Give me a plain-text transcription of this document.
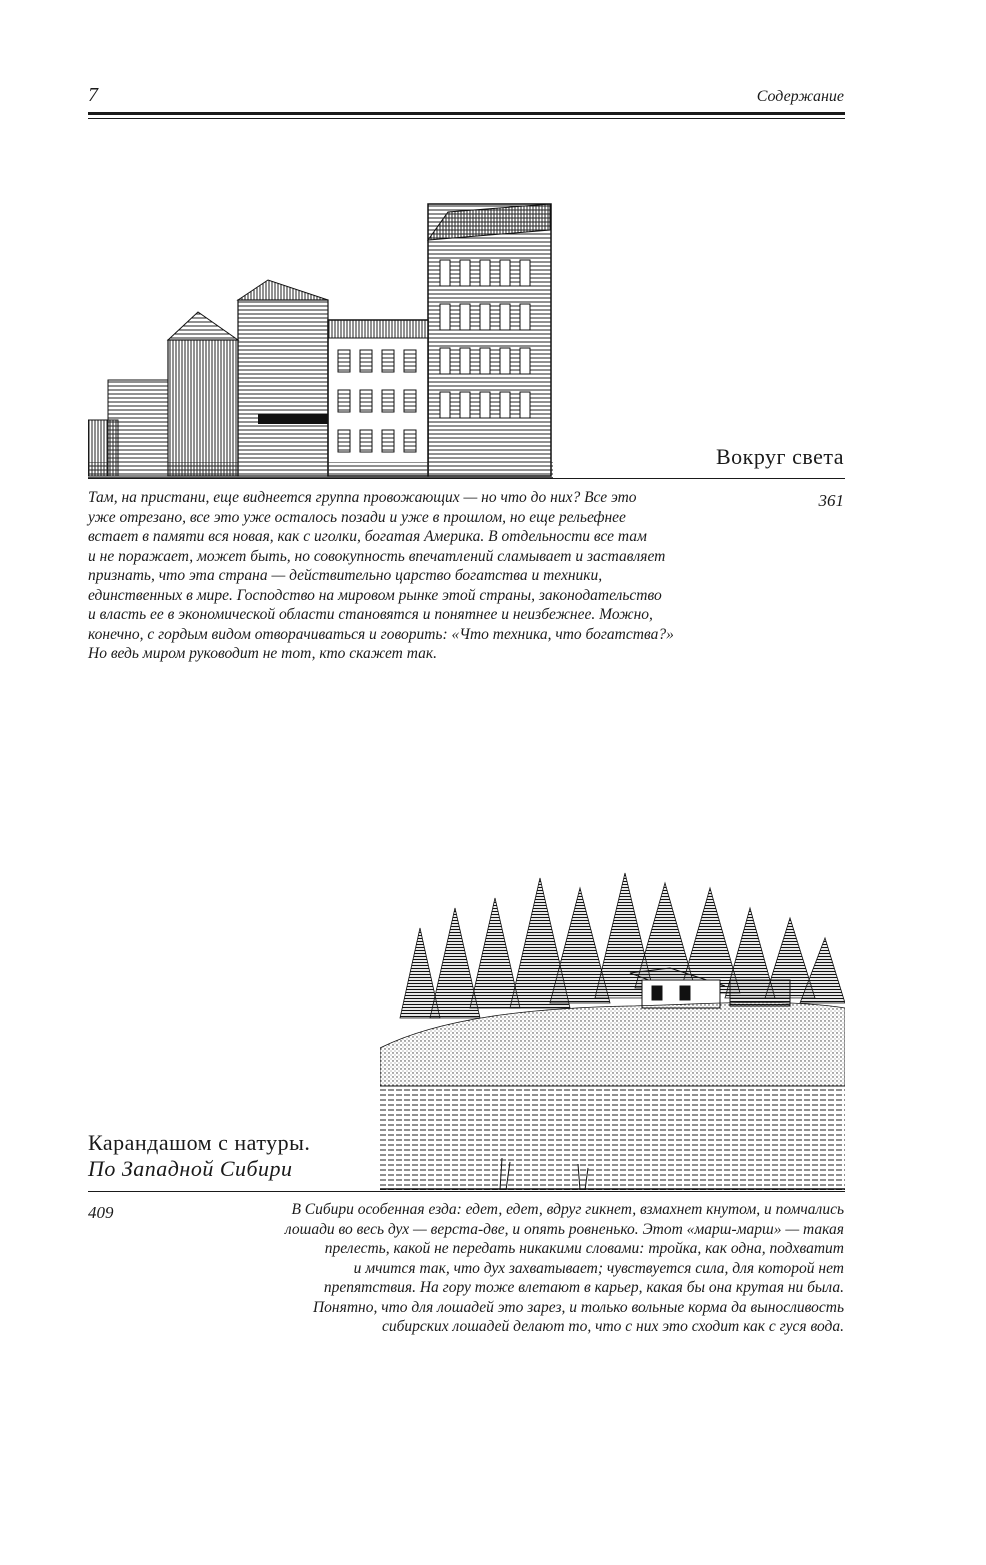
7	Содержание
Вокруг света
Там, на пристани, еще виднеется группа провожающих — но что до них? Все это
уже отрезано, все это уже осталось позади и уже в прошлом, но еще рельефнее
встает в памяти вся новая, как с иголки, богатая Америка. В отдельности все там
и не поражает, может быть, но совокупность впечатлений сламывает и заставляет
признать, что эта страна — действительно царство богатства и техники,
единственных в мире. Господство на мировом рынке этой страны, законодательство
и власть ее в экономической области становятся и понятнее и неизбежнее. Можно,
конечно, с гордым видом отворачиваться и говорить: «Что техника, что богатства?»
Но ведь миром руководит не тот, кто скажет так.
361
Карандашом с натуры.
По Западной Сибири
409	В Сибири особенная езда: едет, едет, вдруг гикнет, взмахнет кнутом, и помчались
лошади во весь дух — верста-две, и опять ровненько. Этот «марш-марш» — такая
прелесть, какой не передать никакими словами: тройка, как одна, подхватит
и мчится так, что дух захватывает; чувствуется сила, для которой нет
препятствия. На гору тоже влетают в карьер, какая бы она крутая ни была.
Понятно, что для лошадей это зарез, и только вольные корма да выносливость
сибирских лошадей делают то, что с них это сходит как с гуся вода.
